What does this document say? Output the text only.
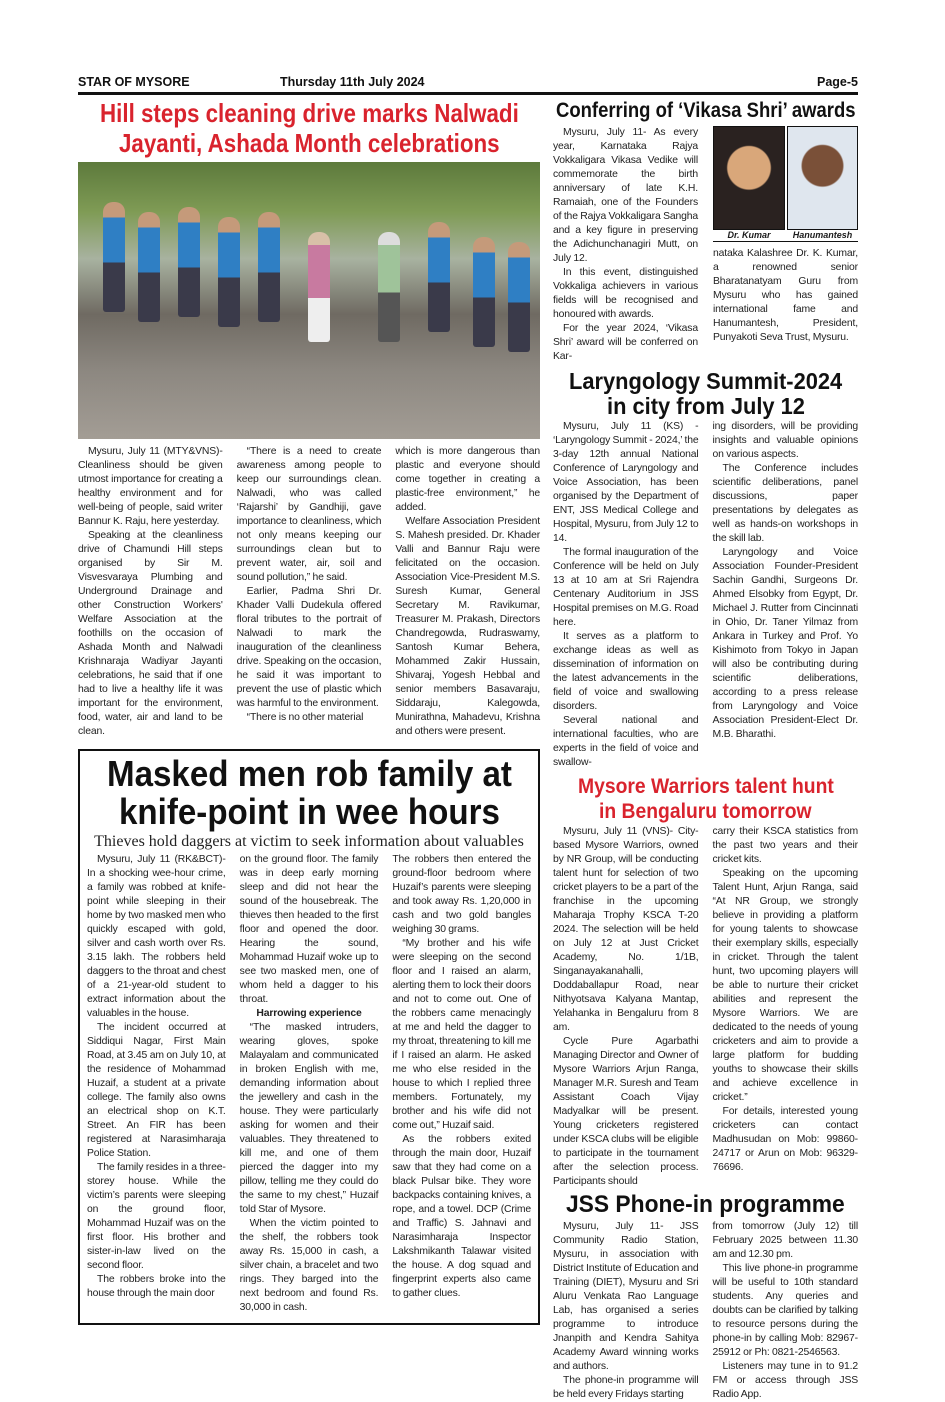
STAR OF MYSORE	Thursday 11th July 2024	Page-5
Hill steps cleaning drive marks Nalwadi
Jayanti, Ashada Month celebrations

Mysuru, July 11 (MTY&VNS)- Cleanliness should be given utmost importance for creating a healthy environment and for well-being of people, said writer Bannur K. Raju, here yesterday.

Speaking at the cleanliness drive of Chamundi Hill steps organised by Sir M. Visvesvaraya Plumbing and Underground Drainage and other Construction Workers' Welfare Association at the foothills on the occasion of Ashada Month and Nalwadi Krishnaraja Wadiyar Jayanti celebrations, he said that if one had to live a healthy life it was important for the environment, food, water, air and land to be clean.

“There is a need to create awareness among people to keep our surroundings clean. Nalwadi, who was called ‘Rajarshi’ by Gandhiji, gave importance to cleanliness, which not only means keeping our surroundings clean but to prevent water, air, soil and sound pollution,” he said.

Earlier, Padma Shri Dr. Khader Valli Dudekula offered floral tributes to the portrait of Nalwadi to mark the inauguration of the cleanliness drive. Speaking on the occasion, he said it was important to prevent the use of plastic which was harmful to the environment.

“There is no other material

which is more dangerous than plastic and everyone should come together in creating a plastic-free environment,” he added.

Welfare Association President S. Mahesh presided. Dr. Khader Valli and Bannur Raju were felicitated on the occasion. Association Vice-President M.S. Suresh Kumar, General Secretary M. Ravikumar, Treasurer M. Prakash, Directors Chandregowda, Rudraswamy, Santosh Kumar Behera, Mohammed Zakir Hussain, Shivaraj, Yogesh Hebbal and senior members Basavaraju, Siddaraju, Kalegowda, Munirathna, Mahadevu, Krishna and others were present.

Masked men rob family at
knife-point in wee hours
Thieves hold daggers at victim to seek information about valuables

Mysuru, July 11 (RK&BCT)- In a shocking wee-hour crime, a family was robbed at knife-point while sleeping in their home by two masked men who quickly escaped with gold, silver and cash worth over Rs. 3.15 lakh. The robbers held daggers to the throat and chest of a 21-year-old student to extract information about the valuables in the house.

The incident occurred at Siddiqui Nagar, First Main Road, at 3.45 am on July 10, at the residence of Mohammad Huzaif, a student at a private college. The family also owns an electrical shop on K.T. Street. An FIR has been registered at Narasimharaja Police Station.

The family resides in a three-storey house. While the victim’s parents were sleeping on the ground floor, Mohammad Huzaif was on the first floor. His brother and sister-in-law lived on the second floor.

The robbers broke into the house through the main door

on the ground floor. The family was in deep early morning sleep and did not hear the sound of the housebreak. The thieves then headed to the first floor and opened the door. Hearing the sound, Mohammad Huzaif woke up to see two masked men, one of whom held a dagger to his throat.

Harrowing experience

“The masked intruders, wearing gloves, spoke Malayalam and communicated in broken English with me, demanding information about the jewellery and cash in the house. They were particularly asking for women and their valuables. They threatened to kill me, and one of them pierced the dagger into my pillow, telling me they could do the same to my chest,” Huzaif told Star of Mysore.

When the victim pointed to the shelf, the robbers took away Rs. 15,000 in cash, a silver chain, a bracelet and two rings. They barged into the next bedroom and found Rs. 30,000 in cash.

The robbers then entered the ground-floor bedroom where Huzaif’s parents were sleeping and took away Rs. 1,20,000 in cash and two gold bangles weighing 30 grams.

“My brother and his wife were sleeping on the second floor and I raised an alarm, alerting them to lock their doors and not to come out. One of the robbers came menacingly at me and held the dagger to my throat, threatening to kill me if I raised an alarm. He asked me who else resided in the house to which I replied three members. Fortunately, my brother and his wife did not come out,” Huzaif said.

As the robbers exited through the main door, Huzaif saw that they had come on a black Pulsar bike. They wore backpacks containing knives, a rope, and a towel. DCP (Crime and Traffic) S. Jahnavi and Narasimharaja Inspector Lakshmikanth Talawar visited the house. A dog squad and fingerprint experts also came to gather clues.

Conferring of ‘Vikasa Shri’ awards

Mysuru, July 11- As every year, Karnataka Rajya Vokkaligara Vikasa Vedike will commemorate the birth anniversary of late K.H. Ramaiah, one of the Founders of the Rajya Vokkaligara Sangha and a key figure in preserving the Adichunchanagiri Mutt, on July 12.

In this event, distinguished Vokkaliga achievers in various fields will be recognised and honoured with awards.

For the year 2024, ‘Vikasa Shri’ award will be conferred on Kar-

Dr. Kumar	Hanumantesh

nataka Kalashree Dr. K. Kumar, a renowned senior Bharatanatyam Guru from Mysuru who has gained international fame and Hanumantesh, President, Punyakoti Seva Trust, Mysuru.

Laryngology Summit-2024
in city from July 12

Mysuru, July 11 (KS) - ‘Laryngology Summit - 2024,’ the 3-day 12th annual National Conference of Laryngology and Voice Association, has been organised by the Department of ENT, JSS Medical College and Hospital, Mysuru, from July 12 to 14.

The formal inauguration of the Conference will be held on July 13 at 10 am at Sri Rajendra Centenary Auditorium in JSS Hospital premises on M.G. Road here.

It serves as a platform to exchange ideas as well as dissemination of information on the latest advancements in the field of voice and swallowing disorders.

Several national and international faculties, who are experts in the field of voice and swallow-

ing disorders, will be providing insights and valuable opinions on various aspects.

The Conference includes scientific deliberations, panel discussions, paper presentations by delegates as well as hands-on workshops in the skill lab.

Laryngology and Voice Association Founder-President Sachin Gandhi, Surgeons Dr. Ahmed Elsobky from Egypt, Dr. Michael J. Rutter from Cincinnati in Ohio, Dr. Taner Yilmaz from Ankara in Turkey and Prof. Yo Kishimoto from Tokyo in Japan will also be contributing during scientific deliberations, according to a press release from Laryngology and Voice Association President-Elect Dr. M.B. Bharathi.

Mysore Warriors talent hunt
in Bengaluru tomorrow

Mysuru, July 11 (VNS)- City-based Mysore Warriors, owned by NR Group, will be conducting talent hunt for selection of two cricket players to be a part of the franchise in the upcoming Maharaja Trophy KSCA T-20 2024. The selection will be held on July 12 at Just Cricket Academy, No. 1/1B, Singanayakanahalli, Doddaballapur Road, near Nithyotsava Kalyana Mantap, Yelahanka in Bengaluru from 8 am.

Cycle Pure Agarbathi Managing Director and Owner of Mysore Warriors Arjun Ranga, Manager M.R. Suresh and Team Assistant Coach Vijay Madyalkar will be present. Young cricketers registered under KSCA clubs will be eligible to participate in the tournament after the selection process. Participants should

carry their KSCA statistics from the past two years and their cricket kits.

Speaking on the upcoming Talent Hunt, Arjun Ranga, said “At NR Group, we strongly believe in providing a platform for young talents to showcase their exemplary skills, especially in cricket. Through the talent hunt, two upcoming players will be able to nurture their cricket abilities and represent the Mysore Warriors. We are dedicated to the needs of young cricketers and aim to provide a large platform for budding youths to showcase their skills and achieve excellence in cricket.”

For details, interested young cricketers can contact Madhusudan on Mob: 99860-24717 or Arun on Mob: 96329-76696.

JSS Phone-in programme

Mysuru, July 11- JSS Community Radio Station, Mysuru, in association with District Institute of Education and Training (DIET), Mysuru and Sri Aluru Venkata Rao Language Lab, has organised a series programme to introduce Jnanpith and Kendra Sahitya Academy Award winning works and authors.

The phone-in programme will be held every Fridays starting

from tomorrow (July 12) till February 2025 between 11.30 am and 12.30 pm.

This live phone-in programme will be useful to 10th standard students. Any queries and doubts can be clarified by talking to resource persons during the phone-in by calling Mob: 82967-25912 or Ph: 0821-2546563.

Listeners may tune in to 91.2 FM or access through JSS Radio App.
